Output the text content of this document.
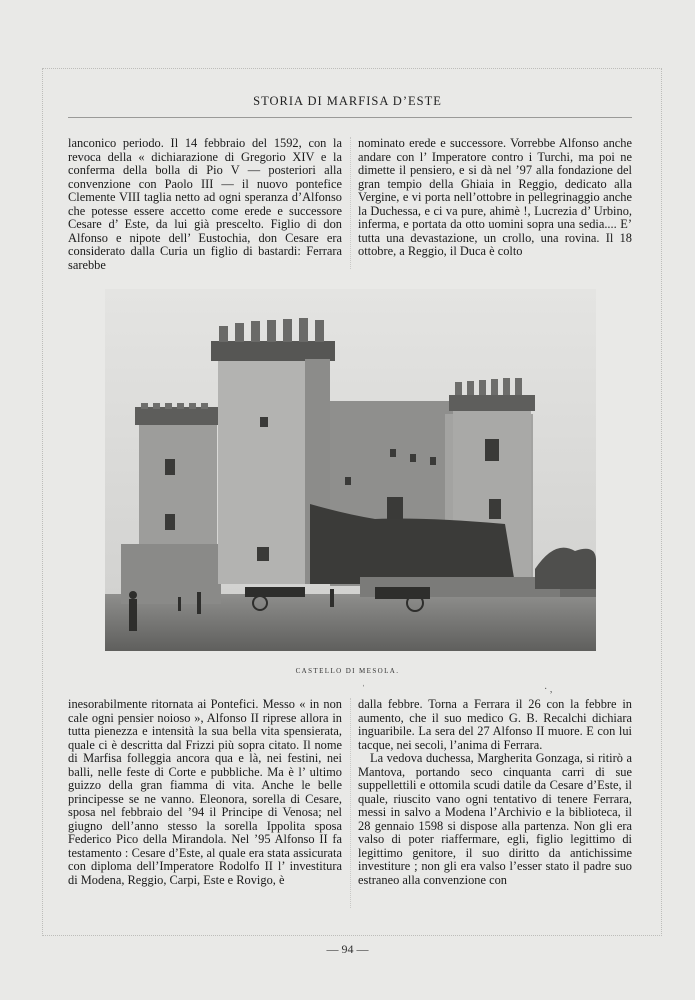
STORIA DI MARFISA D’ESTE

lanconico periodo. Il 14 febbraio del 1592, con la revoca della « dichiarazione di Gregorio XIV e la conferma della bolla di Pio V — posteriori alla convenzione con Paolo III — il nuovo pontefice Clemente VIII taglia netto ad ogni speranza d’Alfonso che potesse essere accetto come erede e successore Cesare d’ Este, da lui già prescelto. Figlio di don Alfonso e nipote dell’ Eustochia, don Cesare era considerato dalla Curia un figlio di bastardi: Ferrara sarebbe

nominato erede e successore. Vorrebbe Alfonso anche andare con l’ Imperatore contro i Turchi, ma poi ne dimette il pensiero, e si dà nel ’97 alla fondazione del gran tempio della Ghiaia in Reggio, dedicato alla Vergine, e vi porta nell’ottobre in pellegrinaggio anche la Duchessa, e ci va pure, ahimè !, Lucrezia d’ Urbino, inferma, e portata da otto uomini sopra una sedia.... E’ tutta una devastazione, un crollo, una rovina. Il 18 ottobre, a Reggio, il Duca è colto

CASTELLO DI MESOLA.
ˈ	· ,

inesorabilmente ritornata ai Pontefici. Messo « in non cale ogni pensier noioso », Alfonso II riprese allora in tutta pienezza e intensità la sua bella vita spensierata, quale ci è descritta dal Frizzi più sopra citato. Il nome di Marfisa folleggia ancora qua e là, nei festini, nei balli, nelle feste di Corte e pubbliche. Ma è l’ ultimo guizzo della gran fiamma di vita. Anche le belle principesse se ne vanno. Eleonora, sorella di Cesare, sposa nel febbraio del ’94 il Principe di Venosa; nel giugno dell’anno stesso la sorella Ippolita sposa Federico Pico della Mirandola. Nel ’95 Alfonso II fa testamento : Cesare d’Este, al quale era stata assicurata con diploma dell’Imperatore Rodolfo II l’ investitura di Modena, Reggio, Carpi, Este e Rovigo, è

dalla febbre. Torna a Ferrara il 26 con la febbre in aumento, che il suo medico G. B. Recalchi dichiara inguaribile. La sera del 27 Alfonso II muore. E con lui tacque, nei secoli, l’anima di Ferrara.

La vedova duchessa, Margherita Gonzaga, si ritirò a Mantova, portando seco cinquanta carri di sue suppellettili e ottomila scudi datile da Cesare d’Este, il quale, riuscito vano ogni tentativo di tenere Ferrara, messi in salvo a Modena l’Archivio e la biblioteca, il 28 gennaio 1598 si dispose alla partenza. Non gli era valso di poter riaffermare, egli, figlio legittimo di legittimo genitore, il suo diritto da antichissime investiture ; non gli era valso l’esser stato il padre suo estraneo alla convenzione con

— 94 —
